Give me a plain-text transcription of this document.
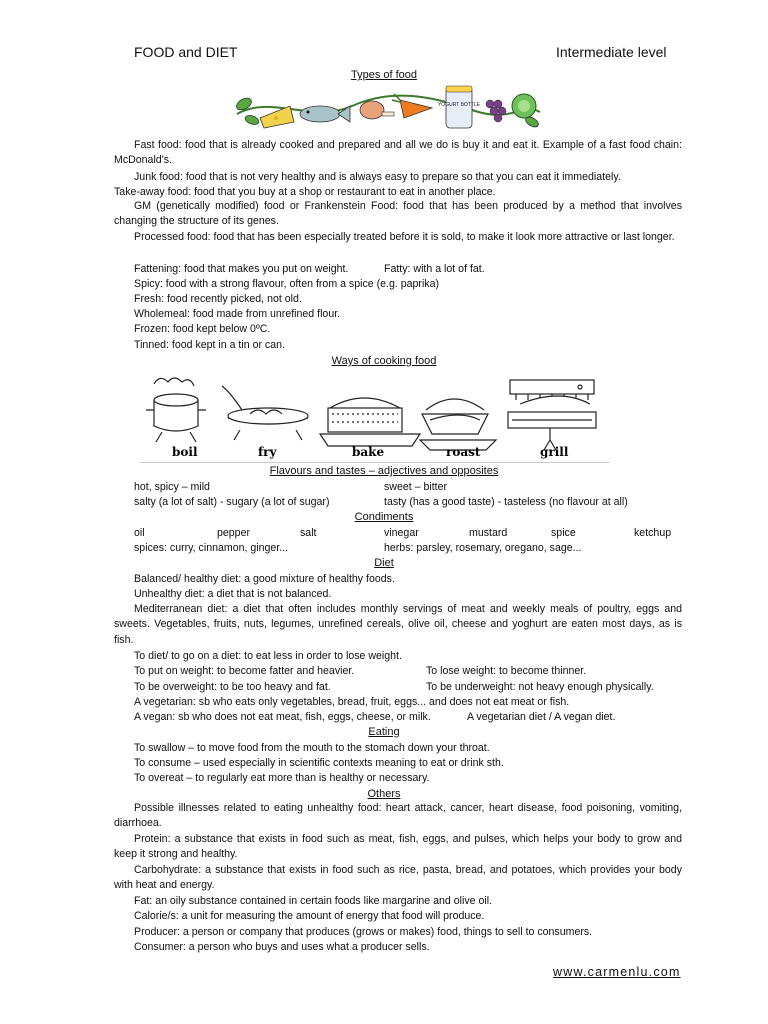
FOOD and DIET	Intermediate level
Types of food
YOGURT BOTTLE
Fast food: food that is already cooked and prepared and all we do is buy it and eat it. Example of a fast food chain: McDonald's.
Junk food: food that is not very healthy and is always easy to prepare so that you can eat it immediately.
Take-away food: food that you buy at a shop or restaurant to eat in another place.
GM (genetically modified) food or Frankenstein Food: food that has been produced by a method that involves changing the structure of its genes.
Processed food: food that has been especially treated before it is sold, to make it look more attractive or last longer.
Fattening: food that makes you put on weight.	Fatty: with a lot of fat.
Spicy: food with a strong flavour, often from a spice (e.g. paprika)
Fresh: food recently picked, not old.
Wholemeal: food made from unrefined flour.
Frozen: food kept below 0ºC.
Tinned: food kept in a tin or can.
Ways of cooking food
boil	fry	bake	roast	grill
Flavours and tastes – adjectives and opposites
hot, spicy – mild	sweet – bitter
salty (a lot of salt) - sugary (a lot of sugar)	tasty (has a good taste) - tasteless (no flavour at all)
Condiments
oil	pepper	salt	vinegar	mustard	spice	ketchup
spices: curry, cinnamon, ginger...	herbs: parsley, rosemary, oregano, sage...
Diet
Balanced/ healthy diet: a good mixture of healthy foods.
Unhealthy diet: a diet that is not balanced.
Mediterranean diet: a diet that often includes monthly servings of meat and weekly meals of poultry, eggs and sweets. Vegetables, fruits, nuts, legumes, unrefined cereals, olive oil, cheese and yoghurt are eaten most days, as is fish.
To diet/ to go on a diet: to eat less in order to lose weight.
To put on weight: to become fatter and heavier.	To lose weight: to become thinner.
To be overweight: to be too heavy and fat.	To be underweight: not heavy enough physically.
A vegetarian: sb who eats only vegetables, bread, fruit, eggs... and does not eat meat or fish.
A vegan: sb who does not eat meat, fish, eggs, cheese, or milk.	A vegetarian diet / A vegan diet.
Eating
To swallow – to move food from the mouth to the stomach down your throat.
To consume – used especially in scientific contexts meaning to eat or drink sth.
To overeat – to regularly eat more than is healthy or necessary.
Others
Possible illnesses related to eating unhealthy food: heart attack, cancer, heart disease, food poisoning, vomiting, diarrhoea.
Protein: a substance that exists in food such as meat, fish, eggs, and pulses, which helps your body to grow and keep it strong and healthy.
Carbohydrate: a substance that exists in food such as rice, pasta, bread, and potatoes, which provides your body with heat and energy.
Fat: an oily substance contained in certain foods like margarine and olive oil.
Calorie/s: a unit for measuring the amount of energy that food will produce.
Producer: a person or company that produces (grows or makes) food, things to sell to consumers.
Consumer: a person who buys and uses what a producer sells.
www.carmenlu.com
